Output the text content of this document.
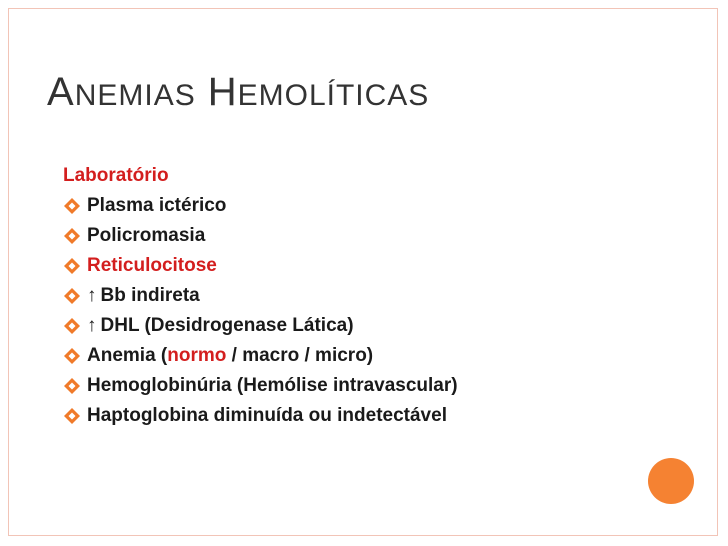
ANEMIAS HEMOLÍTICAS
Laboratório
Plasma ictérico
Policromasia
Reticulocitose
↑ Bb indireta
↑ DHL (Desidrogenase Lática)
Anemia (normo / macro / micro)
Hemoglobinúria (Hemólise intravascular)
Haptoglobina diminuída ou indetectável
